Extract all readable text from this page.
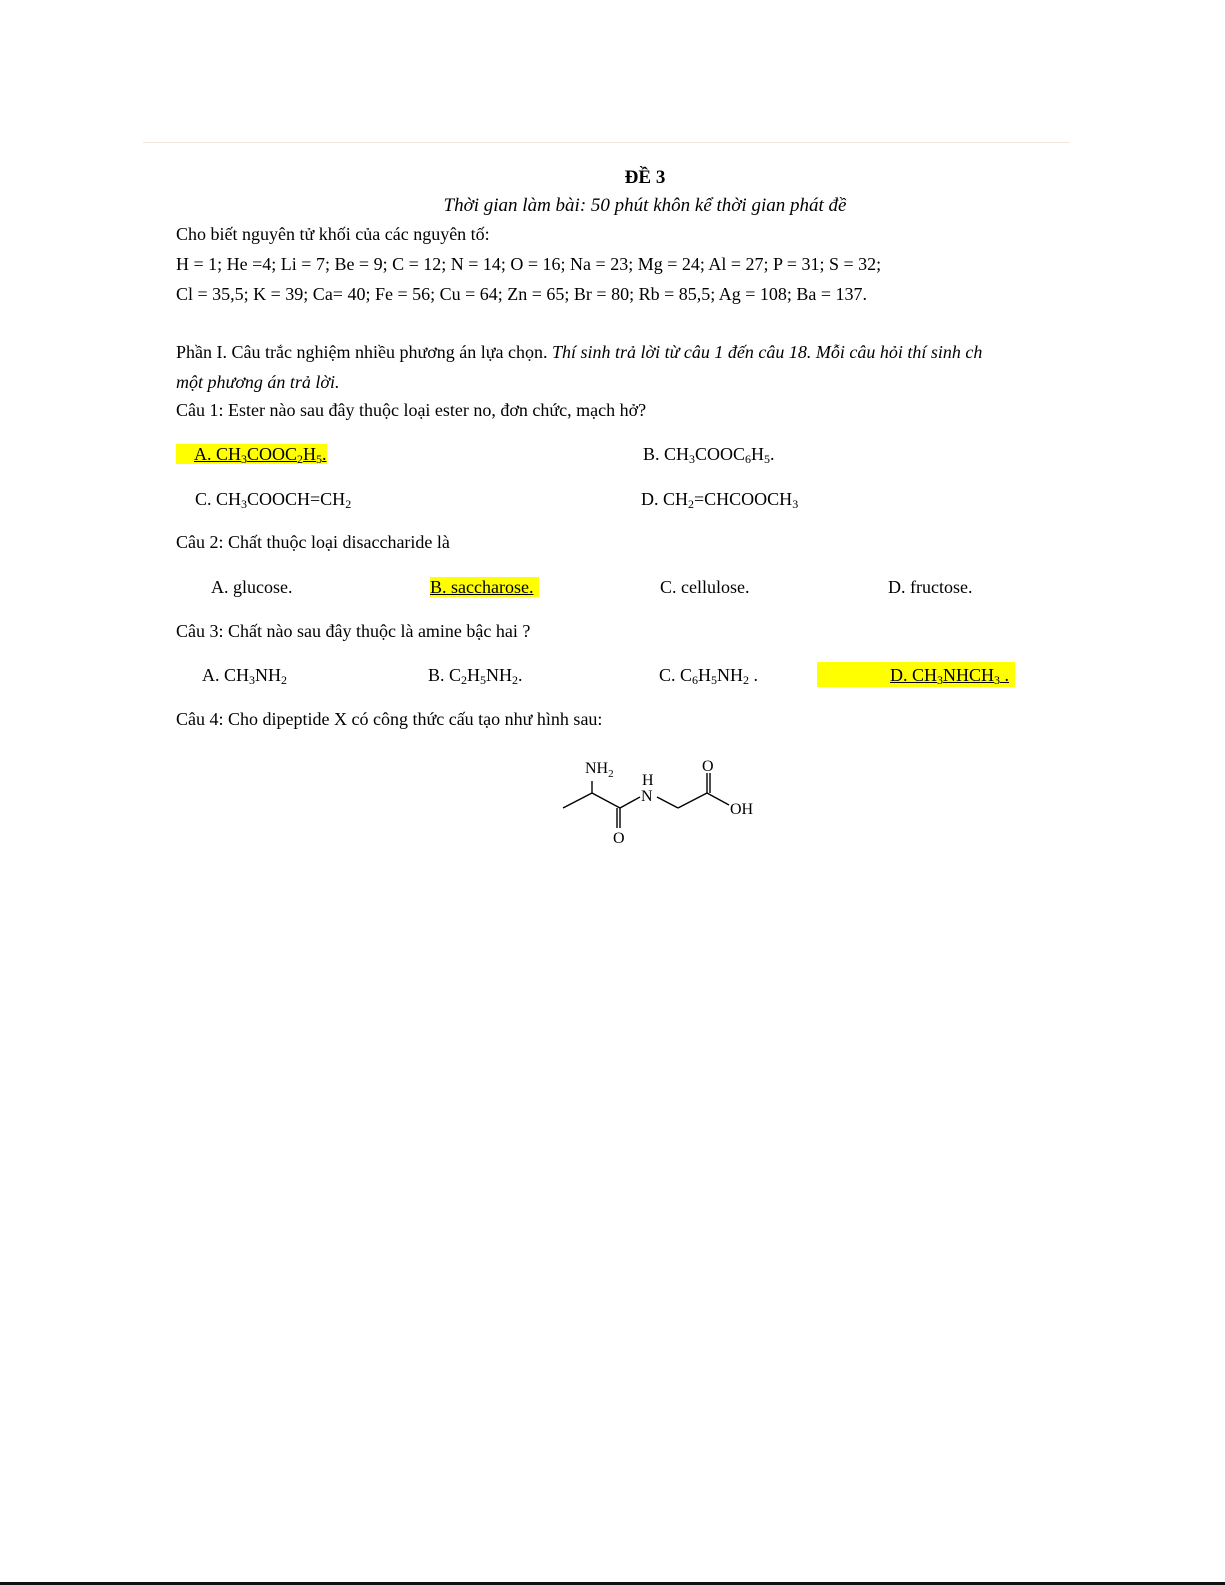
ĐỀ 3
Thời gian làm bài: 50 phút khôn kể thời gian phát đề
Cho biết nguyên tử khối của các nguyên tố:
H = 1; He =4; Li = 7; Be = 9; C = 12; N = 14; O = 16; Na = 23; Mg = 24; Al = 27; P = 31; S = 32;
Cl = 35,5; K = 39; Ca= 40; Fe = 56; Cu = 64; Zn = 65; Br = 80; Rb = 85,5; Ag = 108; Ba = 137.
Phần I. Câu trắc nghiệm nhiều phương án lựa chọn. Thí sinh trả lời từ câu 1 đến câu 18. Mỗi câu hỏi thí sinh ch
một phương án trả lời.
Câu 1: Ester nào sau đây thuộc loại ester no, đơn chức, mạch hở?
A. $CH_3COOC_2H_5$.	B. $CH_3COOC_6H_5$.
C. $CH_3COOCH=CH_2$	D. $CH_2=CHCOOCH_3$
Câu 2: Chất thuộc loại disaccharide là
A. glucose.	B. saccharose.	C. cellulose.	D. fructose.
Câu 3: Chất nào sau đây thuộc là amine bậc hai ?
A. $CH_3NH_2$	B. $C_2H_5NH_2$.	C. $C_6H_5NH_2$ .	D. $CH_3NHCH_3$ .
Câu 4: Cho dipeptide X có công thức cấu tạo như hình sau:
$NH_2$ H
N
O
O
OH
